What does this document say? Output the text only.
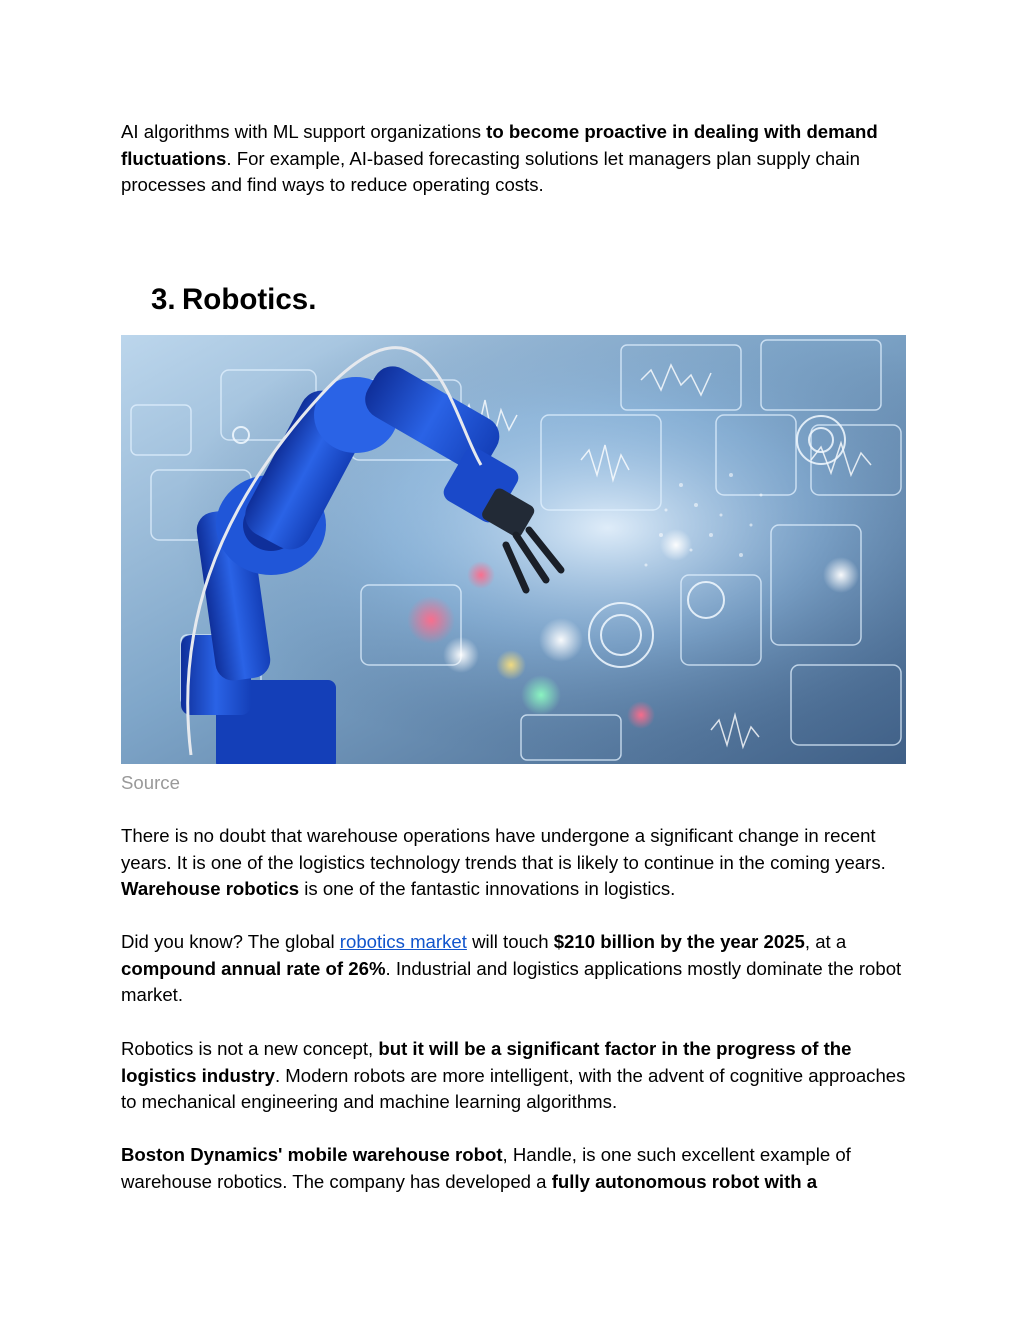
AI algorithms with ML support organizations to become proactive in dealing with demand fluctuations. For example, AI-based forecasting solutions let managers plan supply chain processes and find ways to reduce operating costs.

3. Robotics.

Source

There is no doubt that warehouse operations have undergone a significant change in recent years. It is one of the logistics technology trends that is likely to continue in the coming years. Warehouse robotics is one of the fantastic innovations in logistics.

Did you know? The global robotics market will touch $210 billion by the year 2025, at a compound annual rate of 26%. Industrial and logistics applications mostly dominate the robot market.

Robotics is not a new concept, but it will be a significant factor in the progress of the logistics industry. Modern robots are more intelligent, with the advent of cognitive approaches to mechanical engineering and machine learning algorithms.

Boston Dynamics' mobile warehouse robot, Handle, is one such excellent example of warehouse robotics. The company has developed a fully autonomous robot with a
